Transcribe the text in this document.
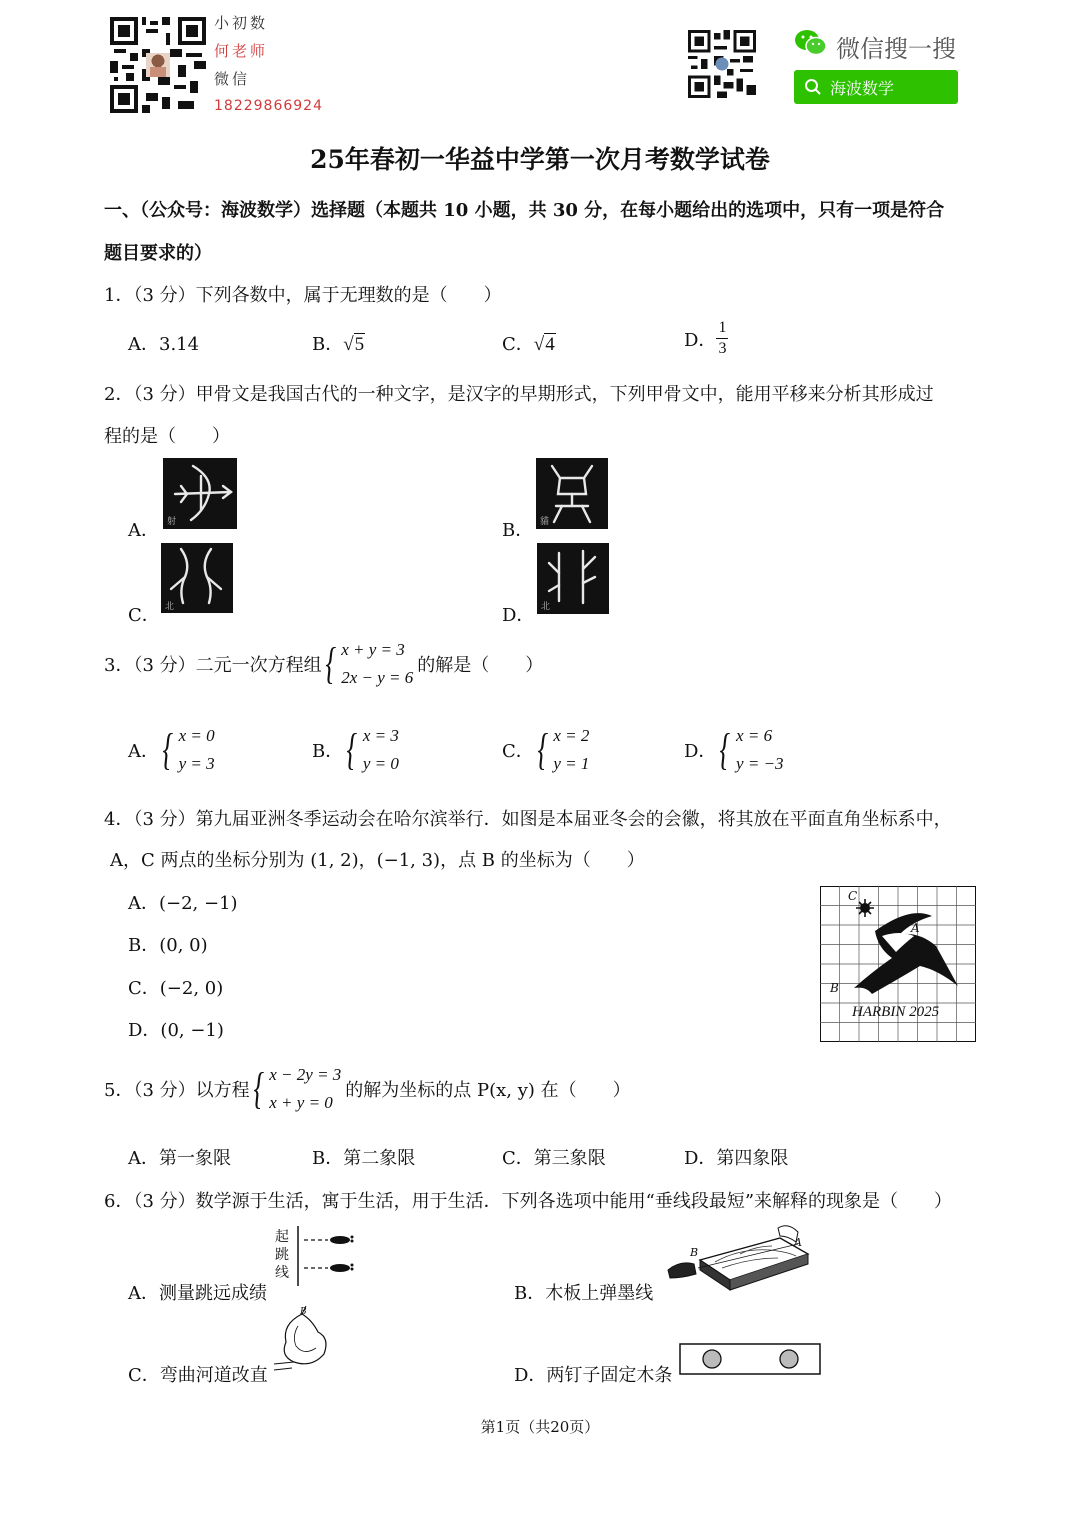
小初数
何老师
微信
18229866924
微信搜一搜
海波数学
25年春初一华益中学第一次月考数学试卷
一、（公众号：海波数学）选择题（本题共 10 小题，共 30 分，在每小题给出的选项中，只有一项是符合
题目要求的）
1．（3 分）下列各数中，属于无理数的是（　　）
A．3.14	B．√5	C．√4	D． $\frac{1}{3}$
2．（3 分）甲骨文是我国古代的一种文字，是汉字的早期形式，下列甲骨文中，能用平移来分析其形成过
程的是（　　）
A． 射	B． 貓
C． 北	D． 北
3．（3 分）二元一次方程组 { x + y = 3
2x − y = 6
的解是（　　）
A． { x = 0
y = 3
B． { x = 3
y = 0
C． { x = 2
y = 1
D． { x = 6
y = −3
4．（3 分）第九届亚洲冬季运动会在哈尔滨举行．如图是本届亚冬会的会徽，将其放在平面直角坐标系中，
A，C 两点的坐标分别为 (1, 2)，(−1, 3)，点 B 的坐标为（　　）
A．(−2, −1)
B．(0, 0)
C．(−2, 0)
D．(0, −1)
C
A
B
HARBIN 2025
5．（3 分）以方程 { x − 2y = 3
x + y = 0
的解为坐标的点 P(x, y) 在（　　）
A．第一象限	B．第二象限	C．第三象限	D．第四象限
6．（3 分）数学源于生活，寓于生活，用于生活．下列各选项中能用“垂线段最短”来解释的现象是（　　）
A．测量跳远成绩
起跳线
B．木板上弹墨线
B
A
C．弯曲河道改直
B
D．两钉子固定木条
第1页（共20页）
